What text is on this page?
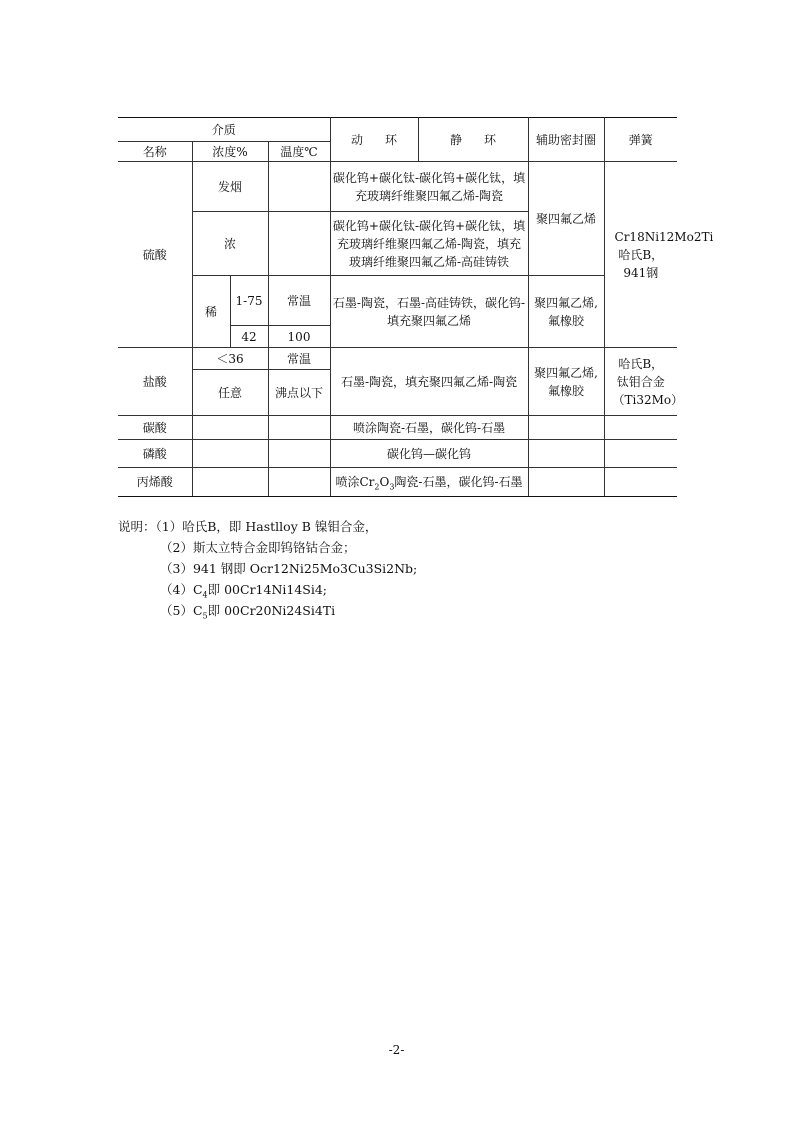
介质				动 环	静 环	辅助密封圈	弹簧
名称	浓度%		温度℃				
硫酸	发烟			碳化钨+碳化钛-碳化钨+碳化钛，填充玻璃纤维聚四氟乙烯-陶瓷		聚四氟乙烯	Cr18Ni12Mo2Ti哈氏B，941钢
	浓			碳化钨+碳化钛-碳化钨+碳化钛，填充玻璃纤维聚四氟乙烯-陶瓷，填充玻璃纤维聚四氟乙烯-高硅铸铁			
	稀	1-75	常温	石墨-陶瓷，石墨-高硅铸铁，碳化钨-填充聚四氟乙烯		聚四氟乙烯,氟橡胶	
		42	100				
盐酸	＜36		常温	石墨-陶瓷，填充聚四氟乙烯-陶瓷		聚四氟乙烯,氟橡胶	哈氏B，钛钼合金（Ti32Mo）
	任意		沸点以下				
碳酸				喷涂陶瓷-石墨，碳化钨-石墨			
磷酸				碳化钨—碳化钨			
丙烯酸				喷涂$Cr_2O_3$陶瓷-石墨，碳化钨-石墨			
说明：（1）哈氏B，即 Hastlloy B 镍钼合金，
（2）斯太立特合金即钨铬钴合金；
（3）941 钢即 Ocr12Ni25Mo3Cu3Si2Nb;
$(4)C_4$即 00Cr14Ni14Si4;
$(5)C_5$即 00Cr20Ni24Si4Ti
-2-
